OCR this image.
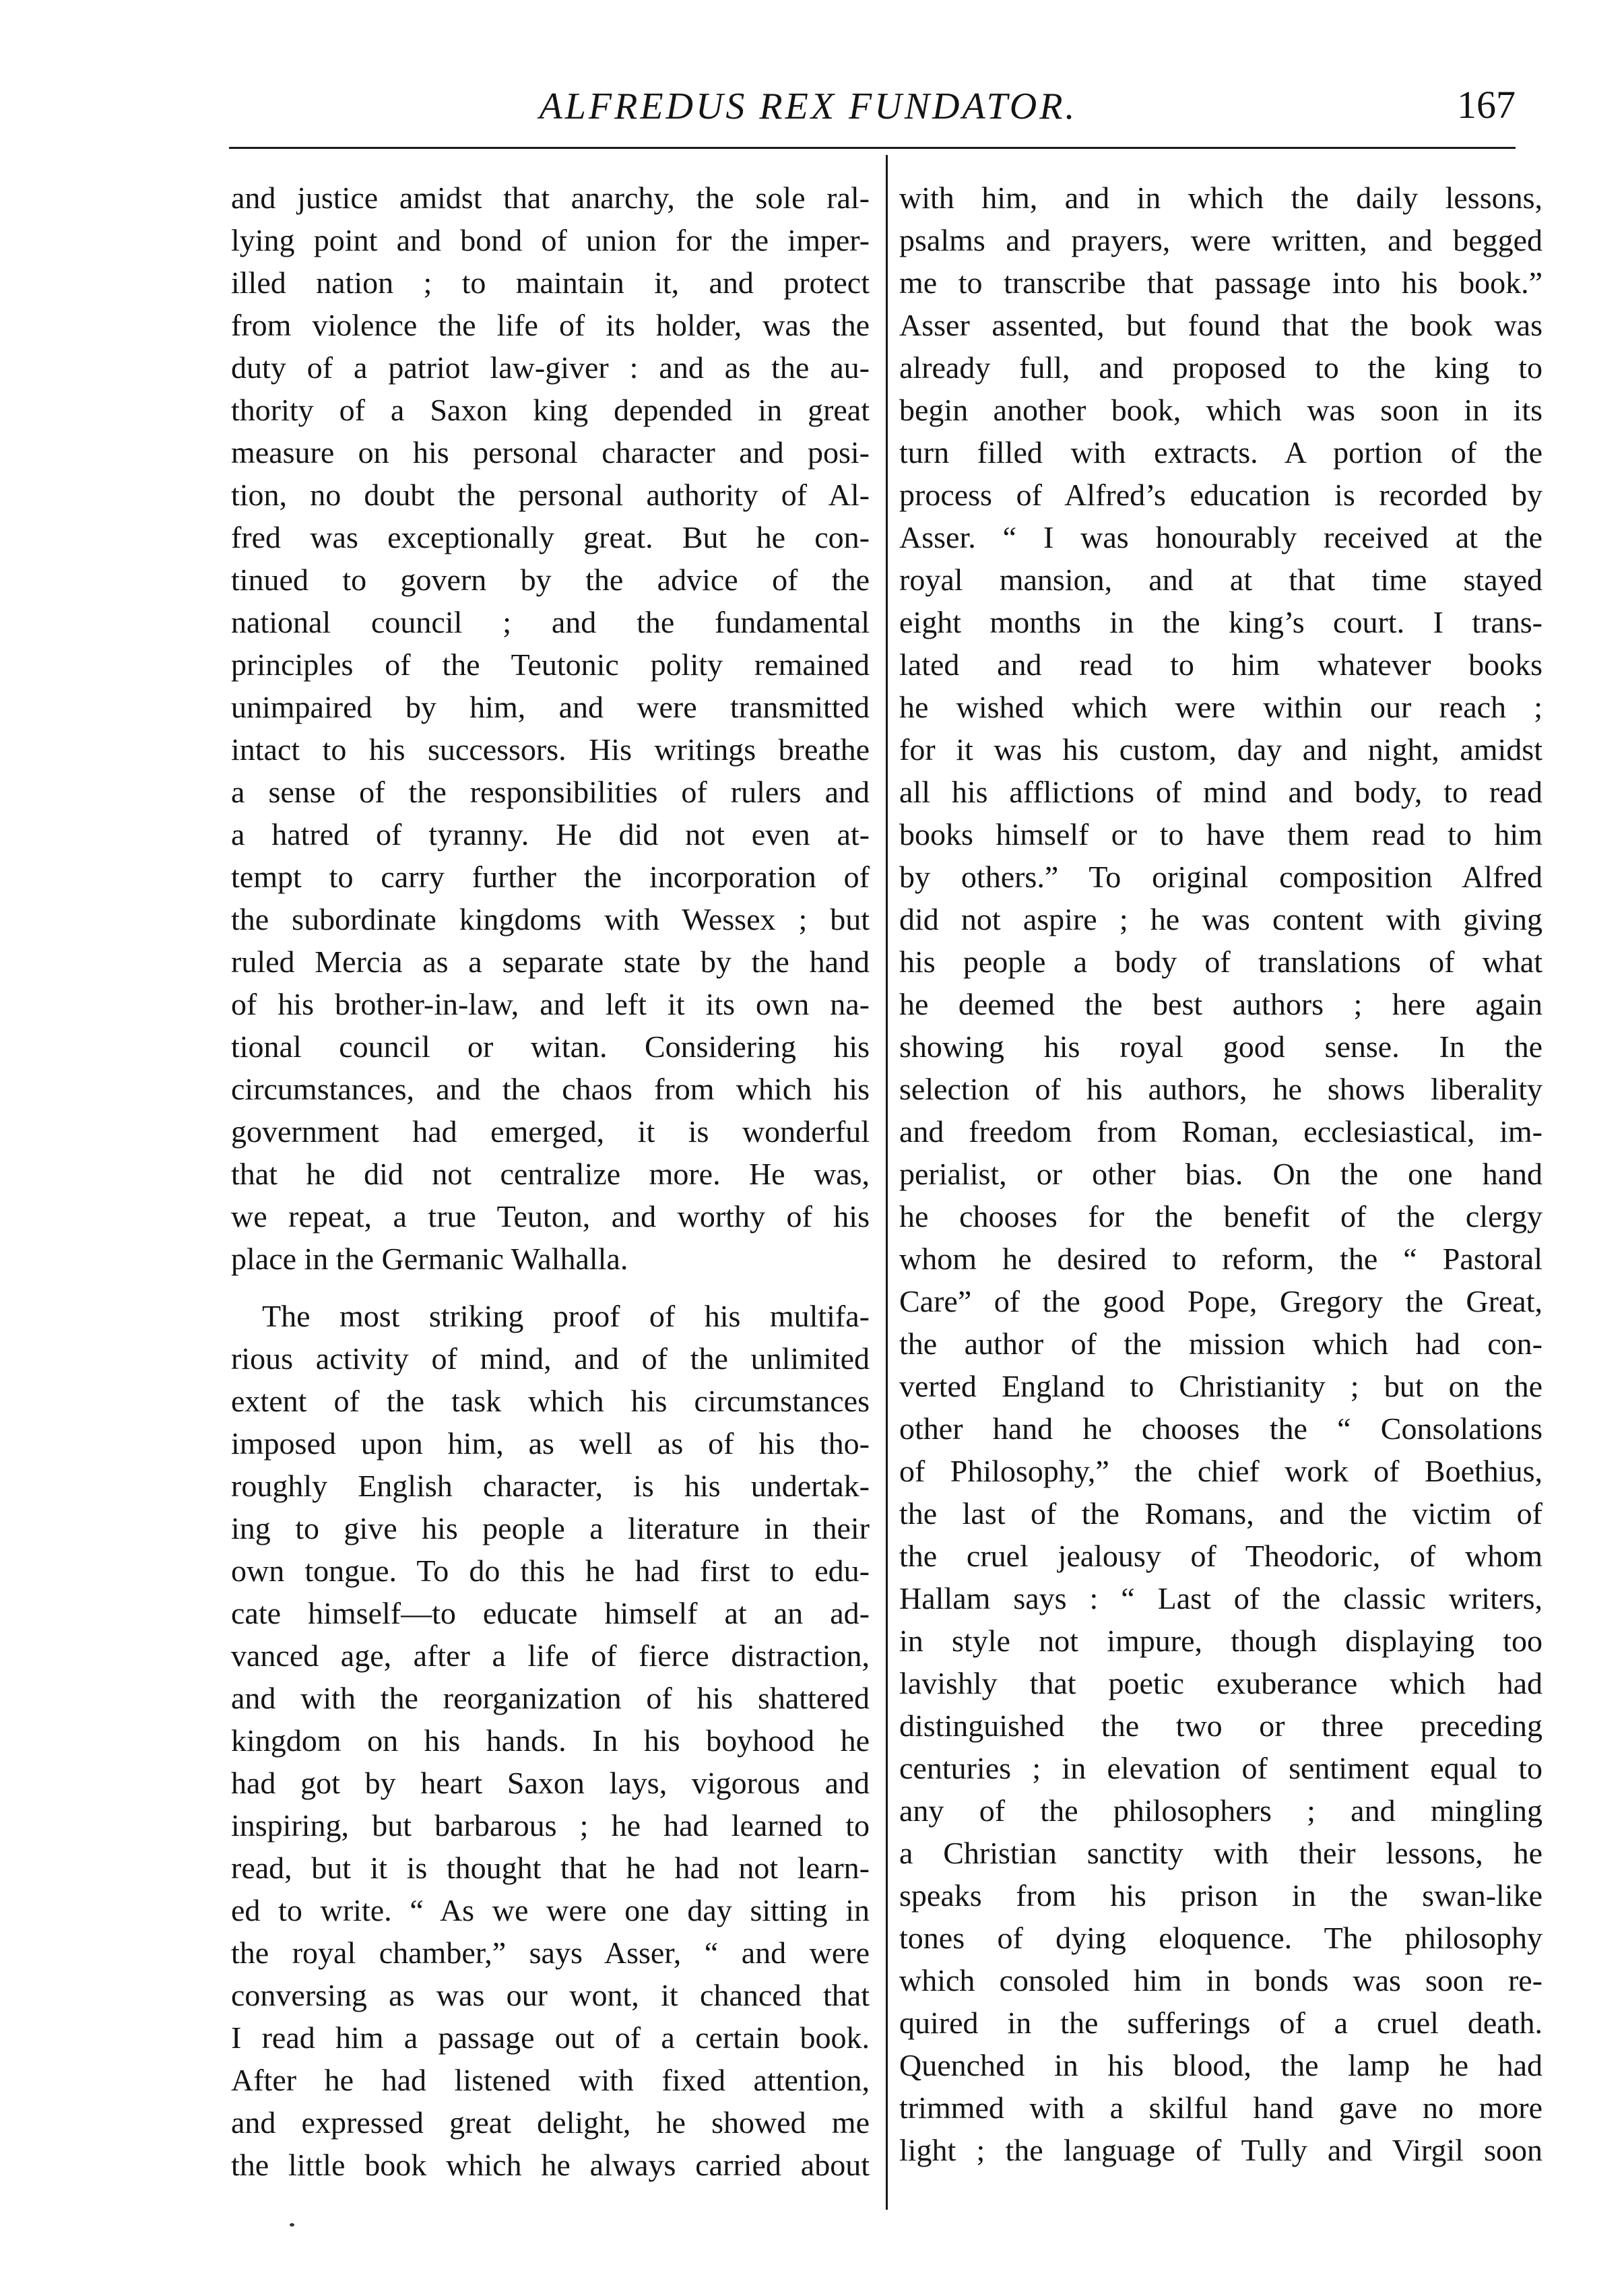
ALFREDUS REX FUNDATOR.	167
and justice amidst that anarchy, the sole ral-
lying point and bond of union for the imper-
illed nation ; to maintain it, and protect
from violence the life of its holder, was the
duty of a patriot law-giver : and as the au-
thority of a Saxon king depended in great
measure on his personal character and posi-
tion, no doubt the personal authority of Al-
fred was exceptionally great. But he con-
tinued to govern by the advice of the
national council ; and the fundamental
principles of the Teutonic polity remained
unimpaired by him, and were transmitted
intact to his successors. His writings breathe
a sense of the responsibilities of rulers and
a hatred of tyranny. He did not even at-
tempt to carry further the incorporation of
the subordinate kingdoms with Wessex ; but
ruled Mercia as a separate state by the hand
of his brother-in-law, and left it its own na-
tional council or witan. Considering his
circumstances, and the chaos from which his
government had emerged, it is wonderful
that he did not centralize more. He was,
we repeat, a true Teuton, and worthy of his
place in the Germanic Walhalla.
The most striking proof of his multifa-
rious activity of mind, and of the unlimited
extent of the task which his circumstances
imposed upon him, as well as of his tho-
roughly English character, is his undertak-
ing to give his people a literature in their
own tongue. To do this he had first to edu-
cate himself—to educate himself at an ad-
vanced age, after a life of fierce distraction,
and with the reorganization of his shattered
kingdom on his hands. In his boyhood he
had got by heart Saxon lays, vigorous and
inspiring, but barbarous ; he had learned to
read, but it is thought that he had not learn-
ed to write. “ As we were one day sitting in
the royal chamber,” says Asser, “ and were
conversing as was our wont, it chanced that
I read him a passage out of a certain book.
After he had listened with fixed attention,
and expressed great delight, he showed me
the little book which he always carried about
with him, and in which the daily lessons,
psalms and prayers, were written, and begged
me to transcribe that passage into his book.”
Asser assented, but found that the book was
already full, and proposed to the king to
begin another book, which was soon in its
turn filled with extracts. A portion of the
process of Alfred’s education is recorded by
Asser. “ I was honourably received at the
royal mansion, and at that time stayed
eight months in the king’s court. I trans-
lated and read to him whatever books
he wished which were within our reach ;
for it was his custom, day and night, amidst
all his afflictions of mind and body, to read
books himself or to have them read to him
by others.” To original composition Alfred
did not aspire ; he was content with giving
his people a body of translations of what
he deemed the best authors ; here again
showing his royal good sense. In the
selection of his authors, he shows liberality
and freedom from Roman, ecclesiastical, im-
perialist, or other bias. On the one hand
he chooses for the benefit of the clergy
whom he desired to reform, the “ Pastoral
Care” of the good Pope, Gregory the Great,
the author of the mission which had con-
verted England to Christianity ; but on the
other hand he chooses the “ Consolations
of Philosophy,” the chief work of Boethius,
the last of the Romans, and the victim of
the cruel jealousy of Theodoric, of whom
Hallam says : “ Last of the classic writers,
in style not impure, though displaying too
lavishly that poetic exuberance which had
distinguished the two or three preceding
centuries ; in elevation of sentiment equal to
any of the philosophers ; and mingling
a Christian sanctity with their lessons, he
speaks from his prison in the swan-like
tones of dying eloquence. The philosophy
which consoled him in bonds was soon re-
quired in the sufferings of a cruel death.
Quenched in his blood, the lamp he had
trimmed with a skilful hand gave no more
light ; the language of Tully and Virgil soon
